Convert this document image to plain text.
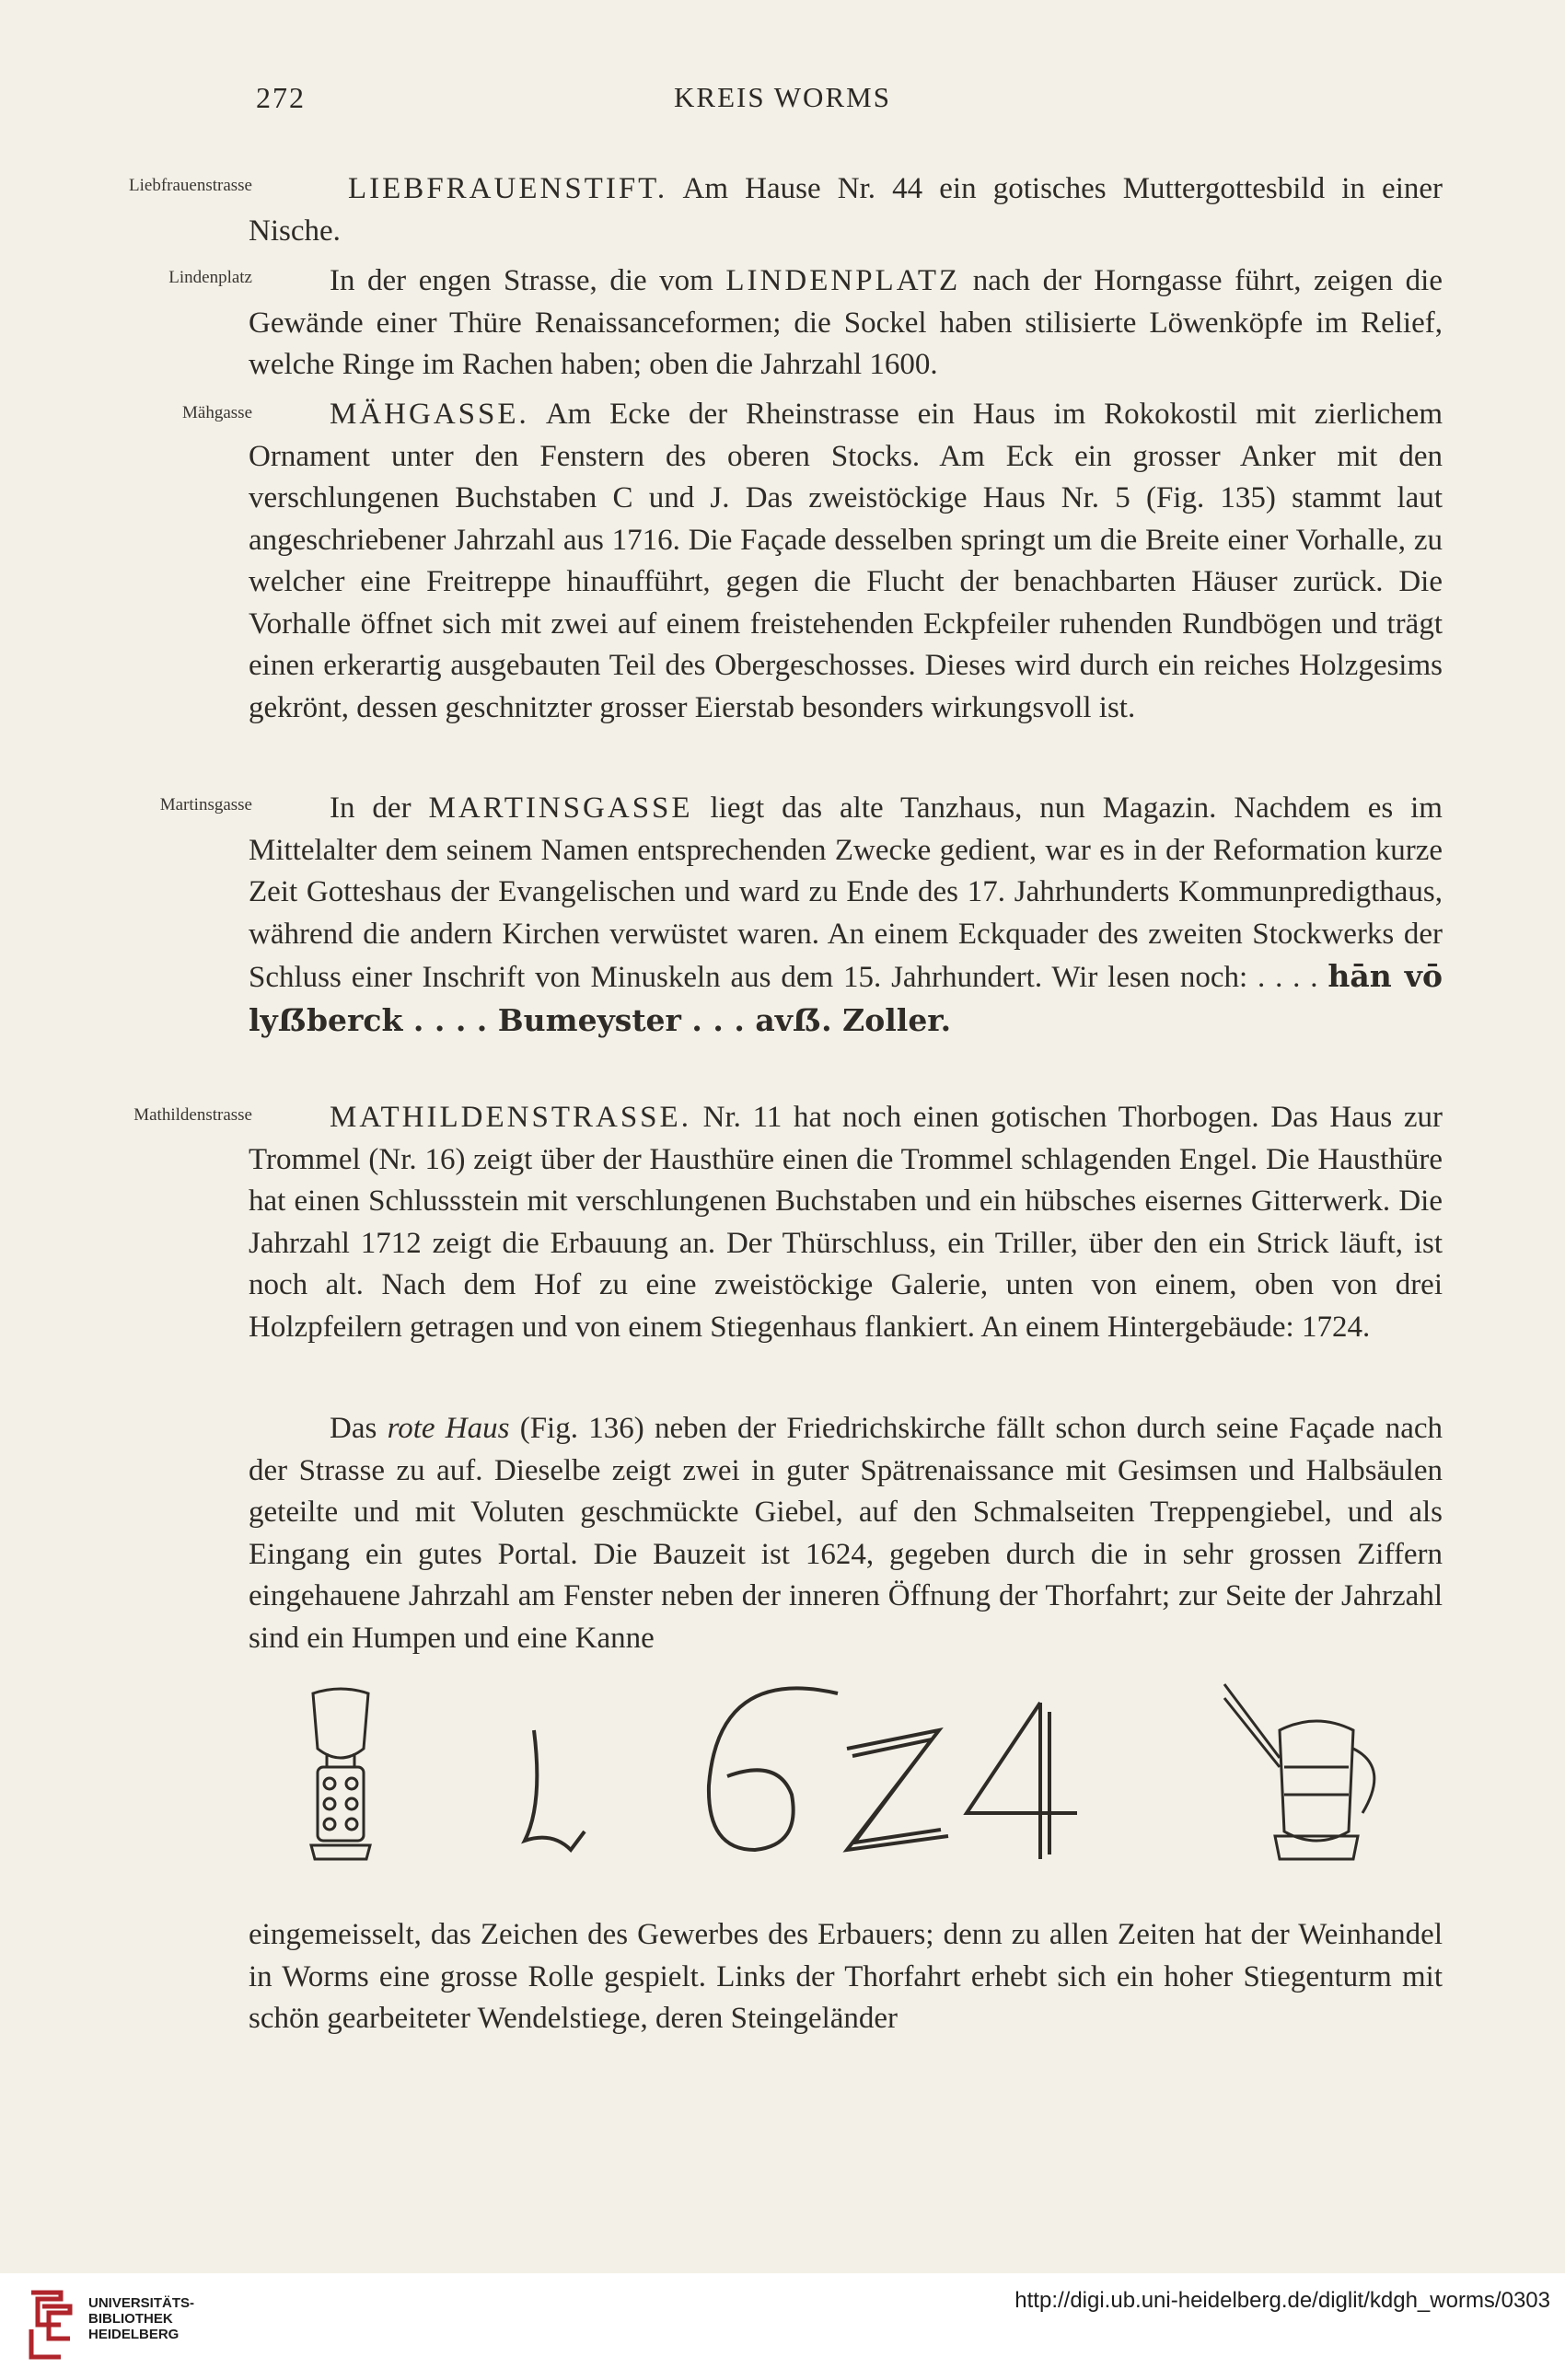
KREIS WORMS
272
Liebfrauenstrasse
Lindenplatz
Mähgasse
Martinsgasse
Mathildenstrasse
LIEBFRAUENSTIFT. Am Hause Nr. 44 ein gotisches Muttergottesbild in einer Nische.
In der engen Strasse, die vom LINDENPLATZ nach der Horngasse führt, zeigen die Gewände einer Thüre Renaissanceformen; die Sockel haben stilisierte Löwenköpfe im Relief, welche Ringe im Rachen haben; oben die Jahrzahl 1600.
MÄHGASSE. Am Ecke der Rheinstrasse ein Haus im Rokokostil mit zierlichem Ornament unter den Fenstern des oberen Stocks. Am Eck ein grosser Anker mit den verschlungenen Buchstaben C und J. Das zweistöckige Haus Nr. 5 (Fig. 135) stammt laut angeschriebener Jahrzahl aus 1716. Die Façade desselben springt um die Breite einer Vorhalle, zu welcher eine Freitreppe hinaufführt, gegen die Flucht der benachbarten Häuser zurück. Die Vorhalle öffnet sich mit zwei auf einem freistehenden Eckpfeiler ruhenden Rundbögen und trägt einen erkerartig ausgebauten Teil des Obergeschosses. Dieses wird durch ein reiches Holzgesims gekrönt, dessen geschnitzter grosser Eierstab besonders wirkungsvoll ist.
In der MARTINSGASSE liegt das alte Tanzhaus, nun Magazin. Nachdem es im Mittelalter dem seinem Namen entsprechenden Zwecke gedient, war es in der Reformation kurze Zeit Gotteshaus der Evangelischen und ward zu Ende des 17. Jahrhunderts Kommunpredigthaus, während die andern Kirchen verwüstet waren. An einem Eckquader des zweiten Stockwerks der Schluss einer Inschrift von Minuskeln aus dem 15. Jahrhundert. Wir lesen noch: . . . . hān vō lyẞberck . . . . Bumeyster . . . avẞ. Zoller.
MATHILDENSTRASSE. Nr. 11 hat noch einen gotischen Thorbogen. Das Haus zur Trommel (Nr. 16) zeigt über der Hausthüre einen die Trommel schlagenden Engel. Die Hausthüre hat einen Schlussstein mit verschlungenen Buchstaben und ein hübsches eisernes Gitterwerk. Die Jahrzahl 1712 zeigt die Erbauung an. Der Thürschluss, ein Triller, über den ein Strick läuft, ist noch alt. Nach dem Hof zu eine zweistöckige Galerie, unten von einem, oben von drei Holzpfeilern getragen und von einem Stiegenhaus flankiert. An einem Hintergebäude: 1724.
Das rote Haus (Fig. 136) neben der Friedrichskirche fällt schon durch seine Façade nach der Strasse zu auf. Dieselbe zeigt zwei in guter Spätrenaissance mit Gesimsen und Halbsäulen geteilte und mit Voluten geschmückte Giebel, auf den Schmalseiten Treppengiebel, und als Eingang ein gutes Portal. Die Bauzeit ist 1624, gegeben durch die in sehr grossen Ziffern eingehauene Jahrzahl am Fenster neben der inneren Öffnung der Thorfahrt; zur Seite der Jahrzahl sind ein Humpen und eine Kanne
eingemeisselt, das Zeichen des Gewerbes des Erbauers; denn zu allen Zeiten hat der Weinhandel in Worms eine grosse Rolle gespielt. Links der Thorfahrt erhebt sich ein hoher Stiegenturm mit schön gearbeiteter Wendelstiege, deren Steingeländer
UNIVERSITÄTS-
BIBLIOTHEK
HEIDELBERG
http://digi.ub.uni-heidelberg.de/diglit/kdgh_worms/0303
